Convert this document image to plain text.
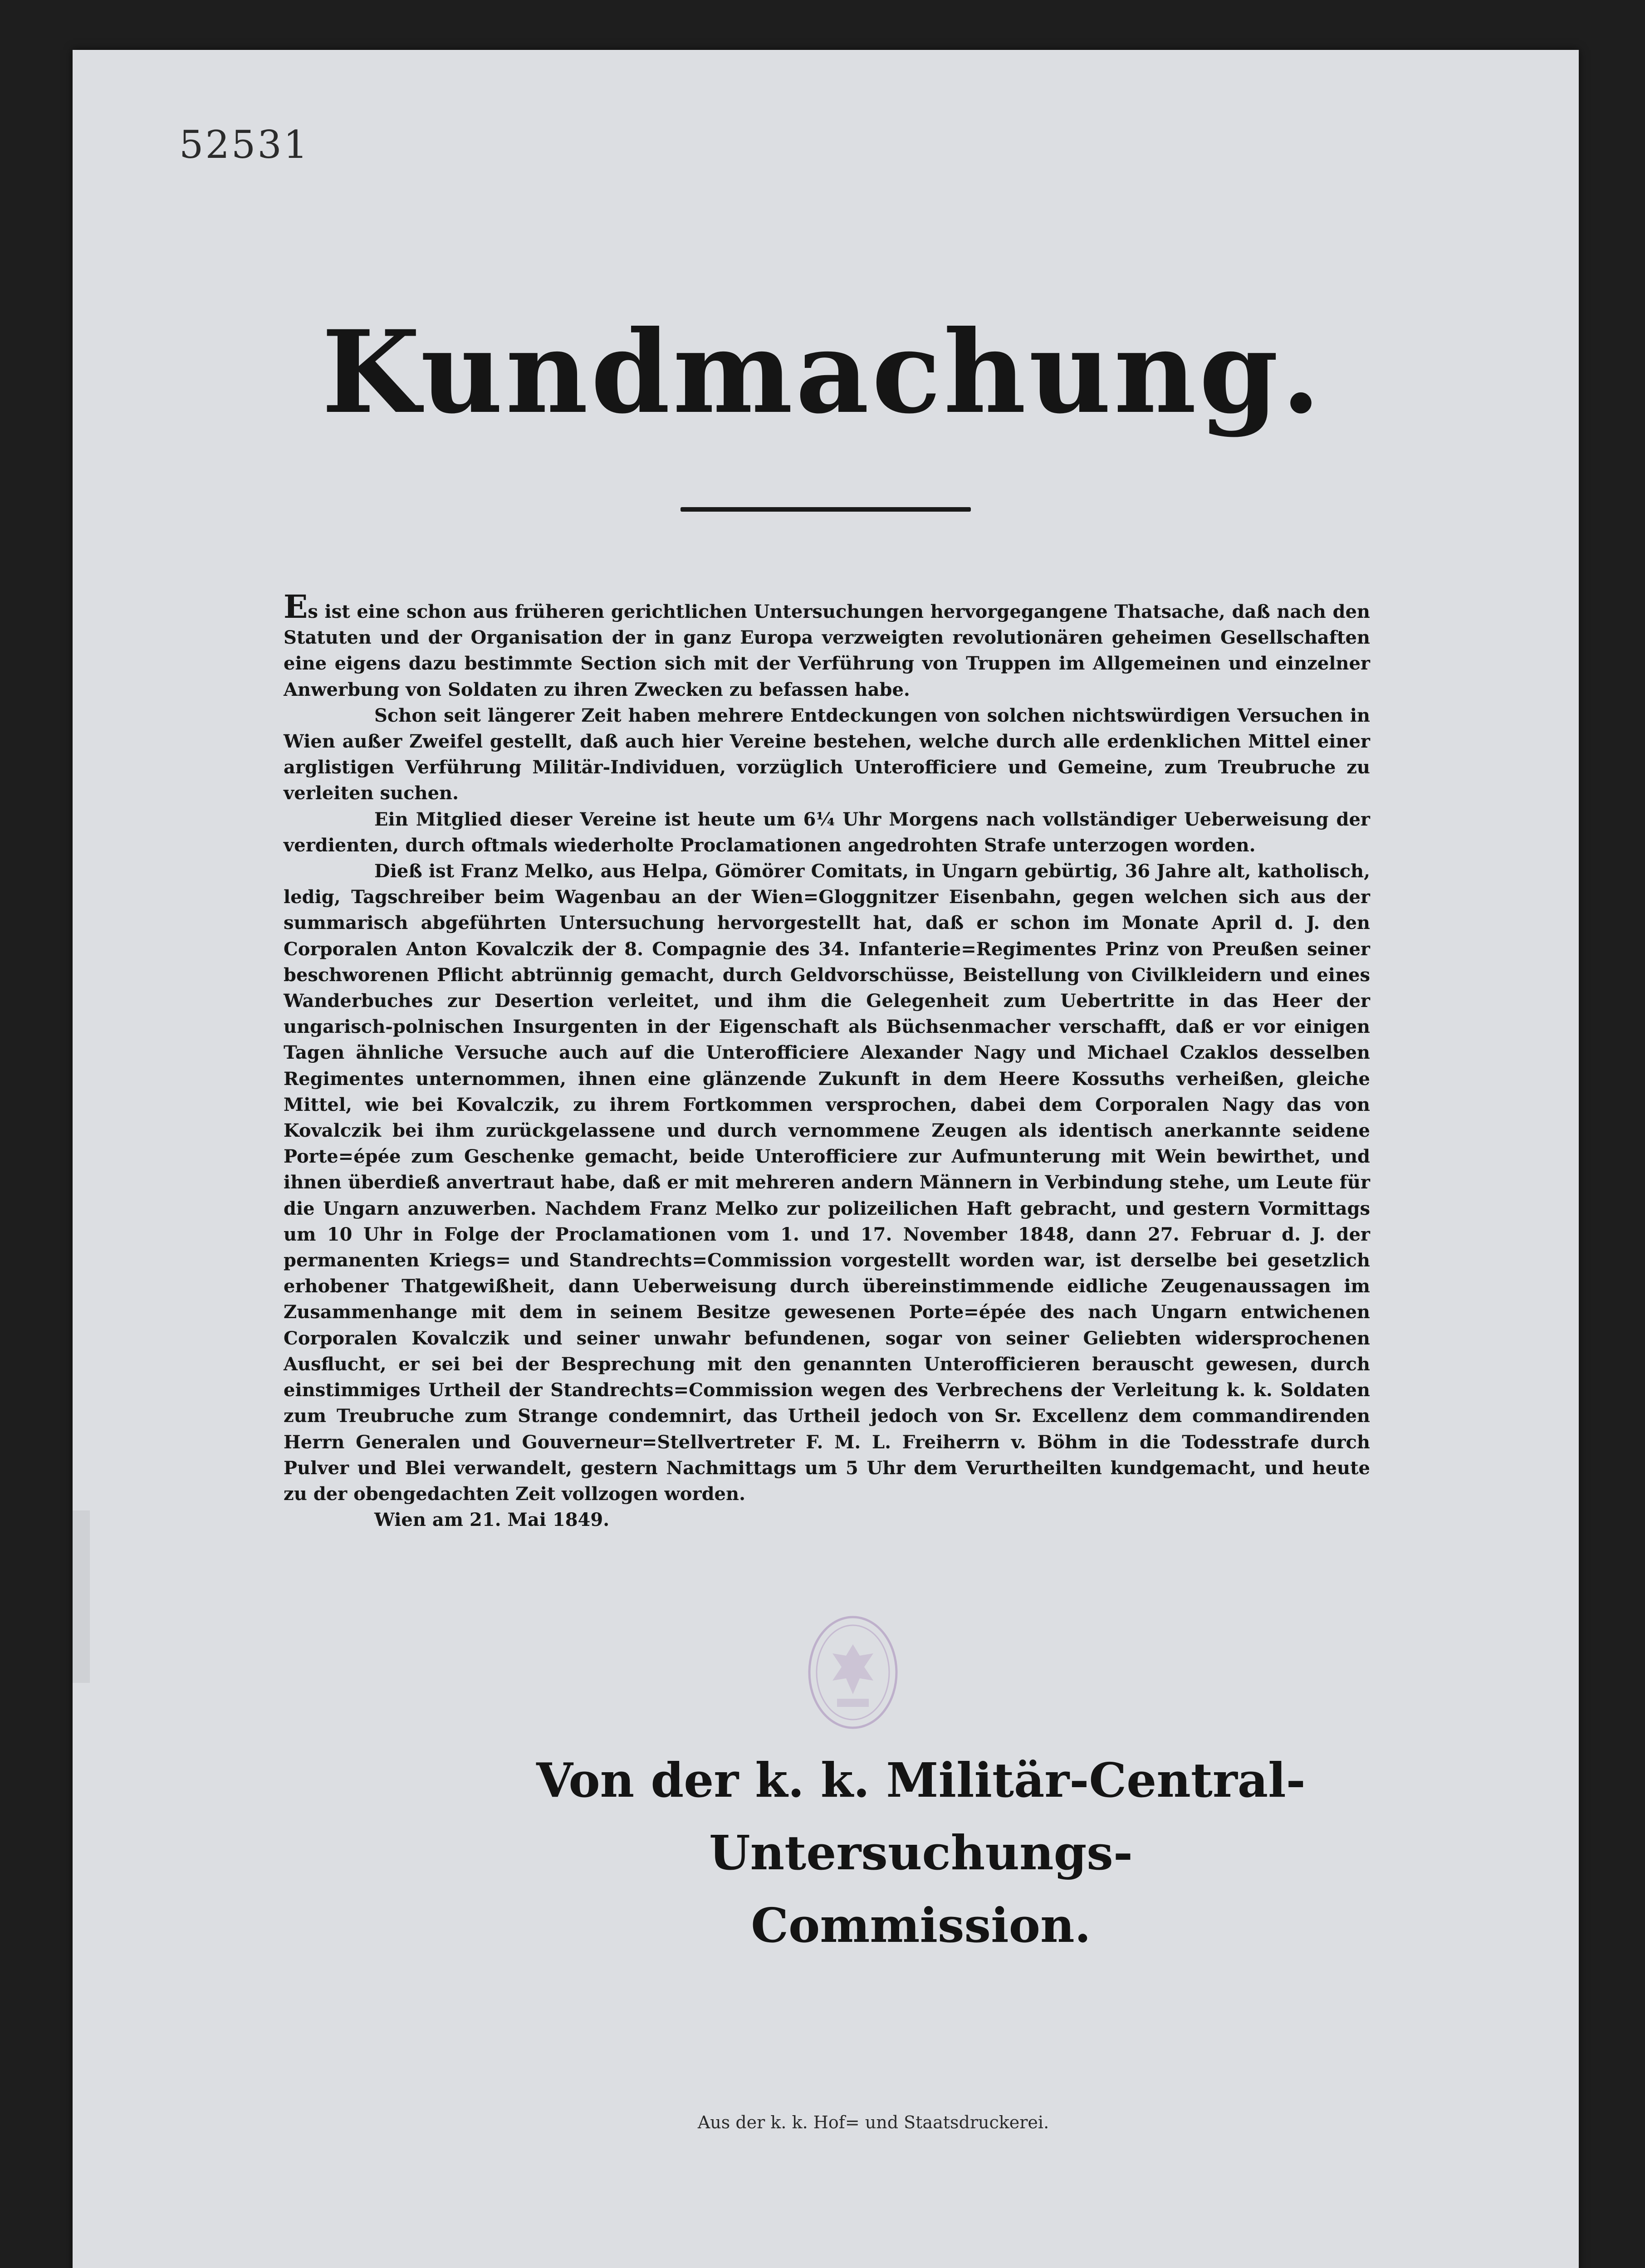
52531
Kundmachung.

Es ist eine schon aus früheren gerichtlichen Untersuchungen hervorgegangene Thatsache, daß nach den Statuten und der Organisation der in ganz Europa verzweigten revolutionären geheimen Gesellschaften eine eigens dazu bestimmte Section sich mit der Verführung von Truppen im Allgemeinen und einzelner Anwerbung von Soldaten zu ihren Zwecken zu befassen habe.

Schon seit längerer Zeit haben mehrere Entdeckungen von solchen nichtswürdigen Versuchen in Wien außer Zweifel gestellt, daß auch hier Vereine bestehen, welche durch alle erdenklichen Mittel einer arglistigen Verführung Militär-Individuen, vorzüglich Unterofficiere und Gemeine, zum Treubruche zu verleiten suchen.

Ein Mitglied dieser Vereine ist heute um 6¼ Uhr Morgens nach vollständiger Ueberweisung der verdienten, durch oftmals wiederholte Proclamationen angedrohten Strafe unterzogen worden.

Dieß ist Franz Melko, aus Helpa, Gömörer Comitats, in Ungarn gebürtig, 36 Jahre alt, katholisch, ledig, Tagschreiber beim Wagenbau an der Wien=Gloggnitzer Eisenbahn, gegen welchen sich aus der summarisch abgeführten Untersuchung hervorgestellt hat, daß er schon im Monate April d. J. den Corporalen Anton Kovalczik der 8. Compagnie des 34. Infanterie=Regimentes Prinz von Preußen seiner beschworenen Pflicht abtrünnig gemacht, durch Geldvorschüsse, Beistellung von Civilkleidern und eines Wanderbuches zur Desertion verleitet, und ihm die Gelegenheit zum Uebertritte in das Heer der ungarisch-polnischen Insurgenten in der Eigenschaft als Büchsenmacher verschafft, daß er vor einigen Tagen ähnliche Versuche auch auf die Unterofficiere Alexander Nagy und Michael Czaklos desselben Regimentes unternommen, ihnen eine glänzende Zukunft in dem Heere Kossuths verheißen, gleiche Mittel, wie bei Kovalczik, zu ihrem Fortkommen versprochen, dabei dem Corporalen Nagy das von Kovalczik bei ihm zurückgelassene und durch vernommene Zeugen als identisch anerkannte seidene Porte=épée zum Geschenke gemacht, beide Unterofficiere zur Aufmunterung mit Wein bewirthet, und ihnen überdieß anvertraut habe, daß er mit mehreren andern Männern in Verbindung stehe, um Leute für die Ungarn anzuwerben. Nachdem Franz Melko zur polizeilichen Haft gebracht, und gestern Vormittags um 10 Uhr in Folge der Proclamationen vom 1. und 17. November 1848, dann 27. Februar d. J. der permanenten Kriegs= und Standrechts=Commission vorgestellt worden war, ist derselbe bei gesetzlich erhobener Thatgewißheit, dann Ueberweisung durch übereinstimmende eidliche Zeugenaussagen im Zusammenhange mit dem in seinem Besitze gewesenen Porte=épée des nach Ungarn entwichenen Corporalen Kovalczik und seiner unwahr befundenen, sogar von seiner Geliebten widersprochenen Ausflucht, er sei bei der Besprechung mit den genannten Unterofficieren berauscht gewesen, durch einstimmiges Urtheil der Standrechts=Commission wegen des Verbrechens der Verleitung k. k. Soldaten zum Treubruche zum Strange condemnirt, das Urtheil jedoch von Sr. Excellenz dem commandirenden Herrn Generalen und Gouverneur=Stellvertreter F. M. L. Freiherrn v. Böhm in die Todesstrafe durch Pulver und Blei verwandelt, gestern Nachmittags um 5 Uhr dem Verurtheilten kundgemacht, und heute zu der obengedachten Zeit vollzogen worden.

Wien am 21. Mai 1849.

Von der k. k. Militär-Central-Untersuchungs-
Commission.
Aus der k. k. Hof= und Staatsdruckerei.
